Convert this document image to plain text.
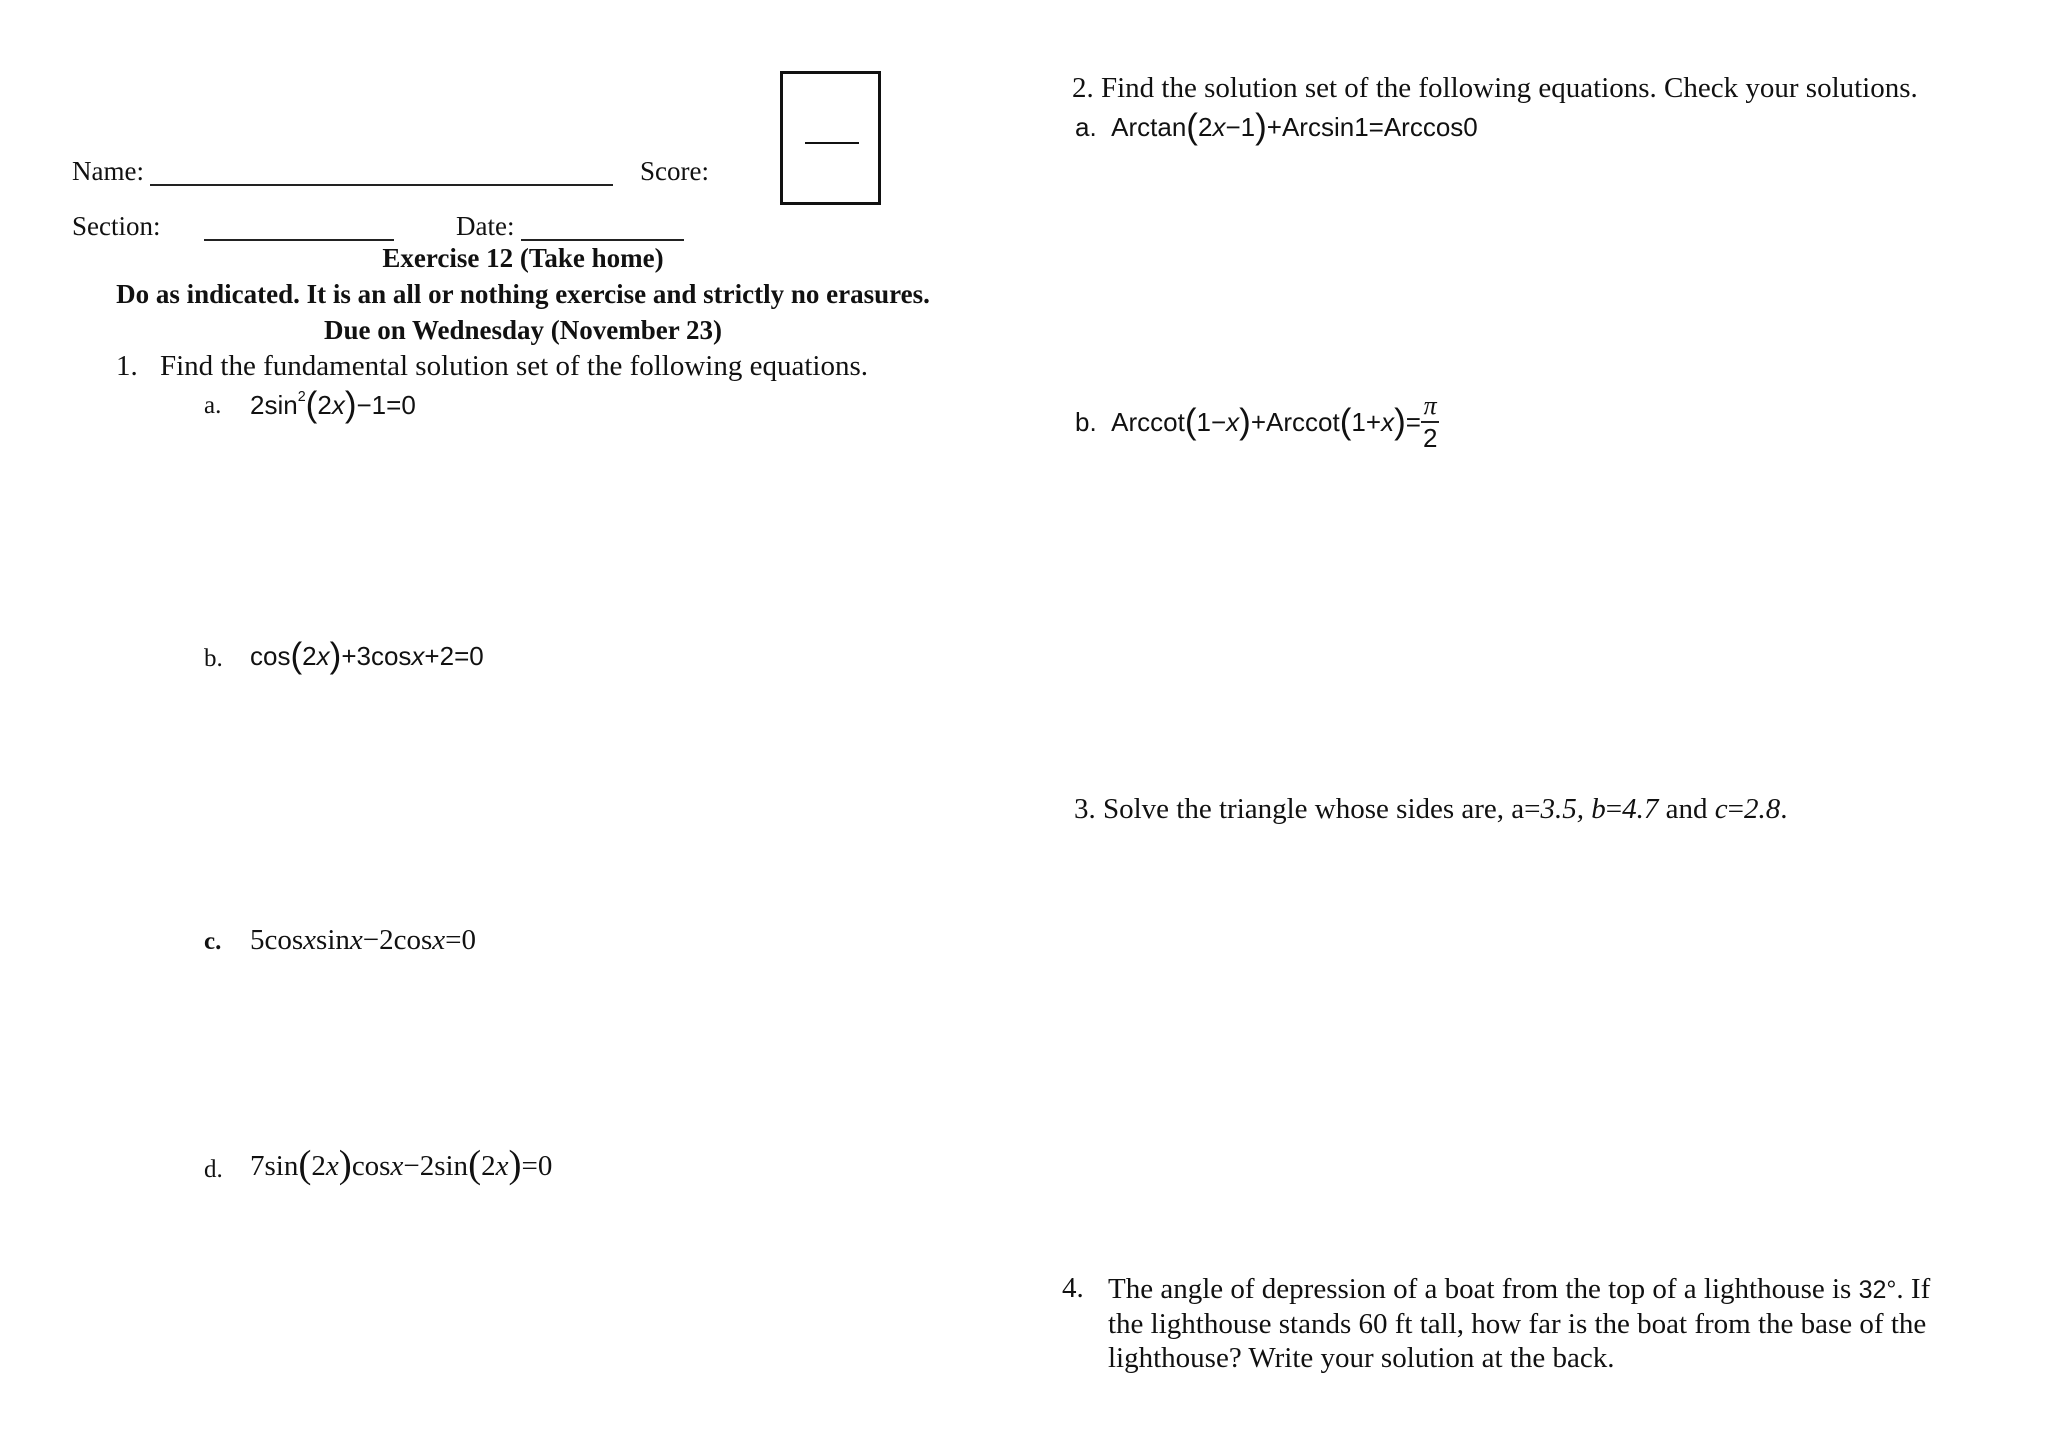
Name:	Score:
Section:	Date:
Exercise 12 (Take home)
Do as indicated. It is an all or nothing exercise and strictly no erasures.
Due on Wednesday (November 23)
1. Find the fundamental solution set of the following equations.
a. $2\sin^2(2x)-1=0$
b. cos(2x)+3cosx+2=0
c. 5cosxsinx−2cosx=0
d. 7sin(2x)cosx−2sin(2x)=0
2. Find the solution set of the following equations. Check your solutions.
a.  Arctan(2x−1)+Arcsin1=Arccos0
b.  $Arccot(1-x)+Arccot(1+x)= \frac{\pi}{2}$
3. Solve the triangle whose sides are, a=3.5, b=4.7 and c=2.8.
4. The angle of depression of a boat from the top of a lighthouse is 32°. If
the lighthouse stands 60 ft tall, how far is the boat from the base of the
lighthouse? Write your solution at the back.
